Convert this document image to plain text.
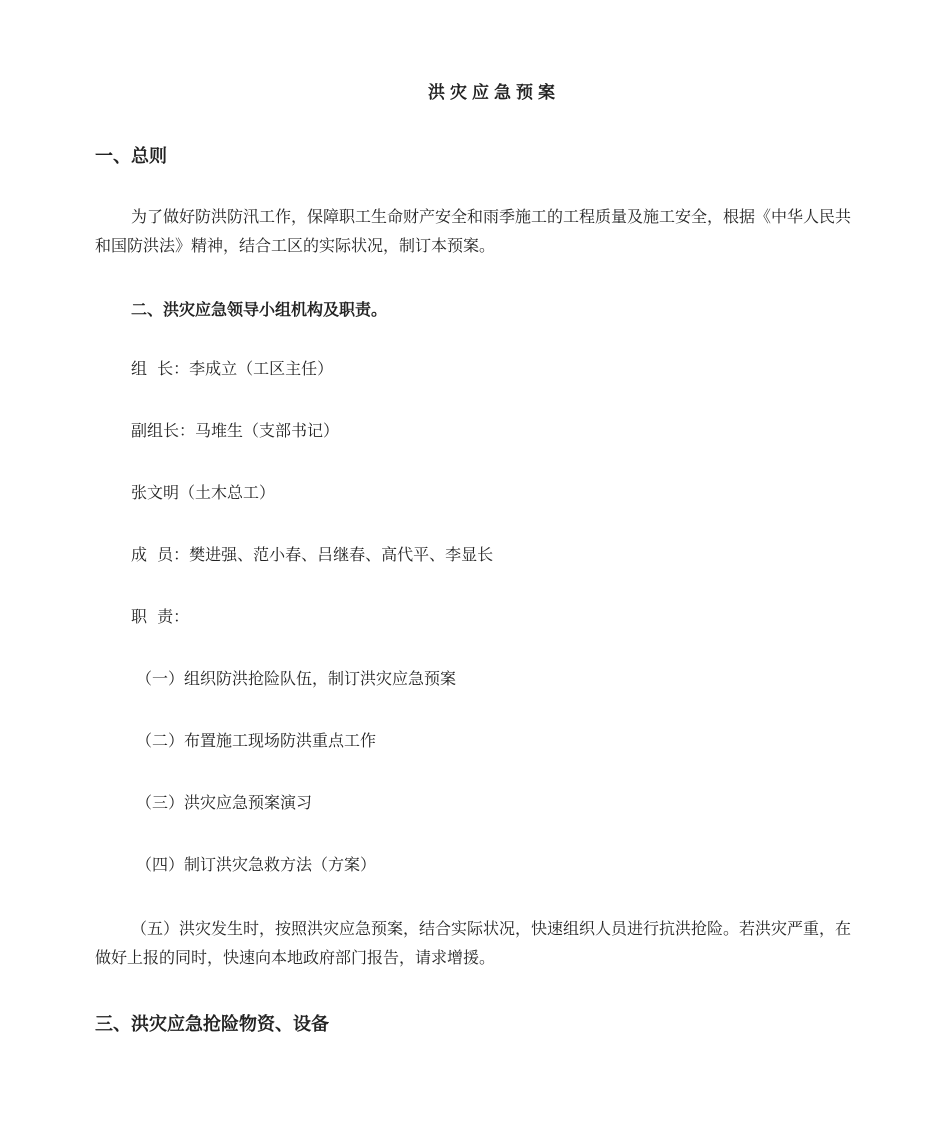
洪灾应急预案
一、总则
为了做好防洪防汛工作，保障职工生命财产安全和雨季施工的工程质量及施工安全，根据《中华人民共和国防洪法》精神，结合工区的实际状况，制订本预案。
二、洪灾应急领导小组机构及职责。
组  长：李成立（工区主任）
副组长：马堆生（支部书记）
张文明（土木总工）
成  员：樊进强、范小春、吕继春、高代平、李显长
职  责：
（一）组织防洪抢险队伍，制订洪灾应急预案
（二）布置施工现场防洪重点工作
（三）洪灾应急预案演习
（四）制订洪灾急救方法（方案）
（五）洪灾发生时，按照洪灾应急预案，结合实际状况，快速组织人员进行抗洪抢险。若洪灾严重，在做好上报的同时，快速向本地政府部门报告，请求增援。
三、洪灾应急抢险物资、设备
